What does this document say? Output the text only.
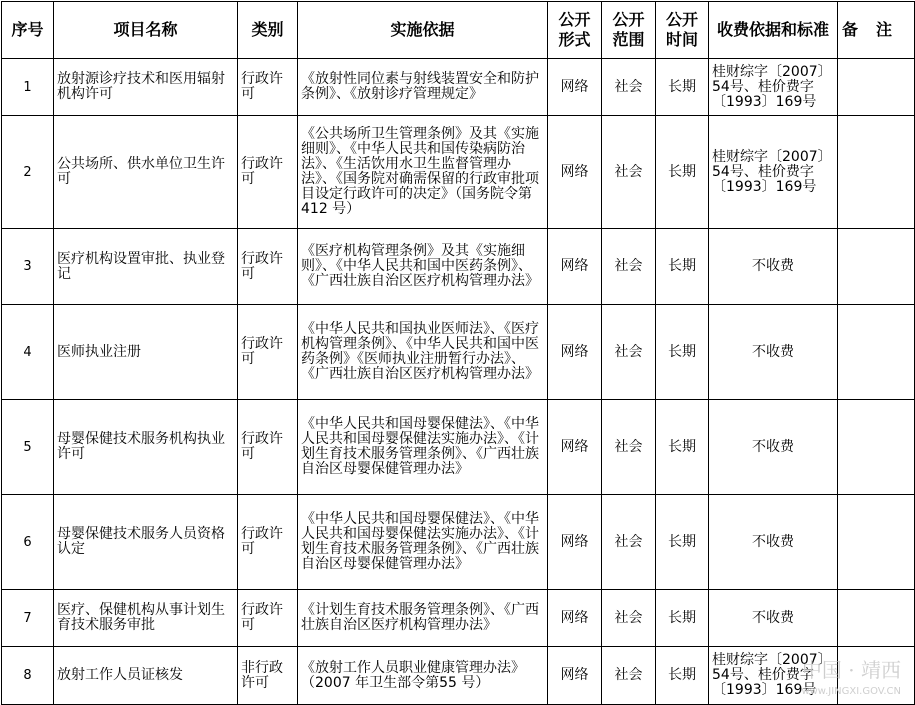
序号	项目名称	类别	实施依据	公开形式	公开范围	公开时间	收费依据和标准	备注
1	放射源诊疗技术和医用辐射机构许可	行政许可	《放射性同位素与射线装置安全和防护条例》、《放射诊疗管理规定》	网络	社会	长期	桂财综字〔2007〕54号、桂价费字〔1993〕169号	
2	公共场所、供水单位卫生许可	行政许可	《公共场所卫生管理条例》及其《实施细则》、《中华人民共和国传染病防治法》、《生活饮用水卫生监督管理办法》、《国务院对确需保留的行政审批项目设定行政许可的决定》（国务院令第412 号）	网络	社会	长期	桂财综字〔2007〕54号、桂价费字〔1993〕169号	
3	医疗机构设置审批、执业登记	行政许可	《医疗机构管理条例》及其《实施细则》、《中华人民共和国中医药条例》、《广西壮族自治区医疗机构管理办法》	网络	社会	长期	不收费	
4	医师执业注册	行政许可	《中华人民共和国执业医师法》、《医疗机构管理条例》、《中华人民共和国中医药条例》《医师执业注册暂行办法》、《广西壮族自治区医疗机构管理办法》	网络	社会	长期	不收费	
5	母婴保健技术服务机构执业许可	行政许可	《中华人民共和国母婴保健法》、《中华人民共和国母婴保健法实施办法》、《计划生育技术服务管理条例》、《广西壮族自治区母婴保健管理办法》	网络	社会	长期	不收费	
6	母婴保健技术服务人员资格认定	行政许可	《中华人民共和国母婴保健法》、《中华人民共和国母婴保健法实施办法》、《计划生育技术服务管理条例》、《广西壮族自治区母婴保健管理办法》	网络	社会	长期	不收费	
7	医疗、保健机构从事计划生育技术服务审批	行政许可	《计划生育技术服务管理条例》、《广西壮族自治区医疗机构管理办法》	网络	社会	长期	不收费	
8	放射工作人员证核发	非行政许可	《放射工作人员职业健康管理办法》（2007 年卫生部令第55 号）	网络	社会	长期	桂财综字〔2007〕54号、桂价费字〔1993〕169号	
中国 · 靖西
www.JINGXI.GOV.CN
